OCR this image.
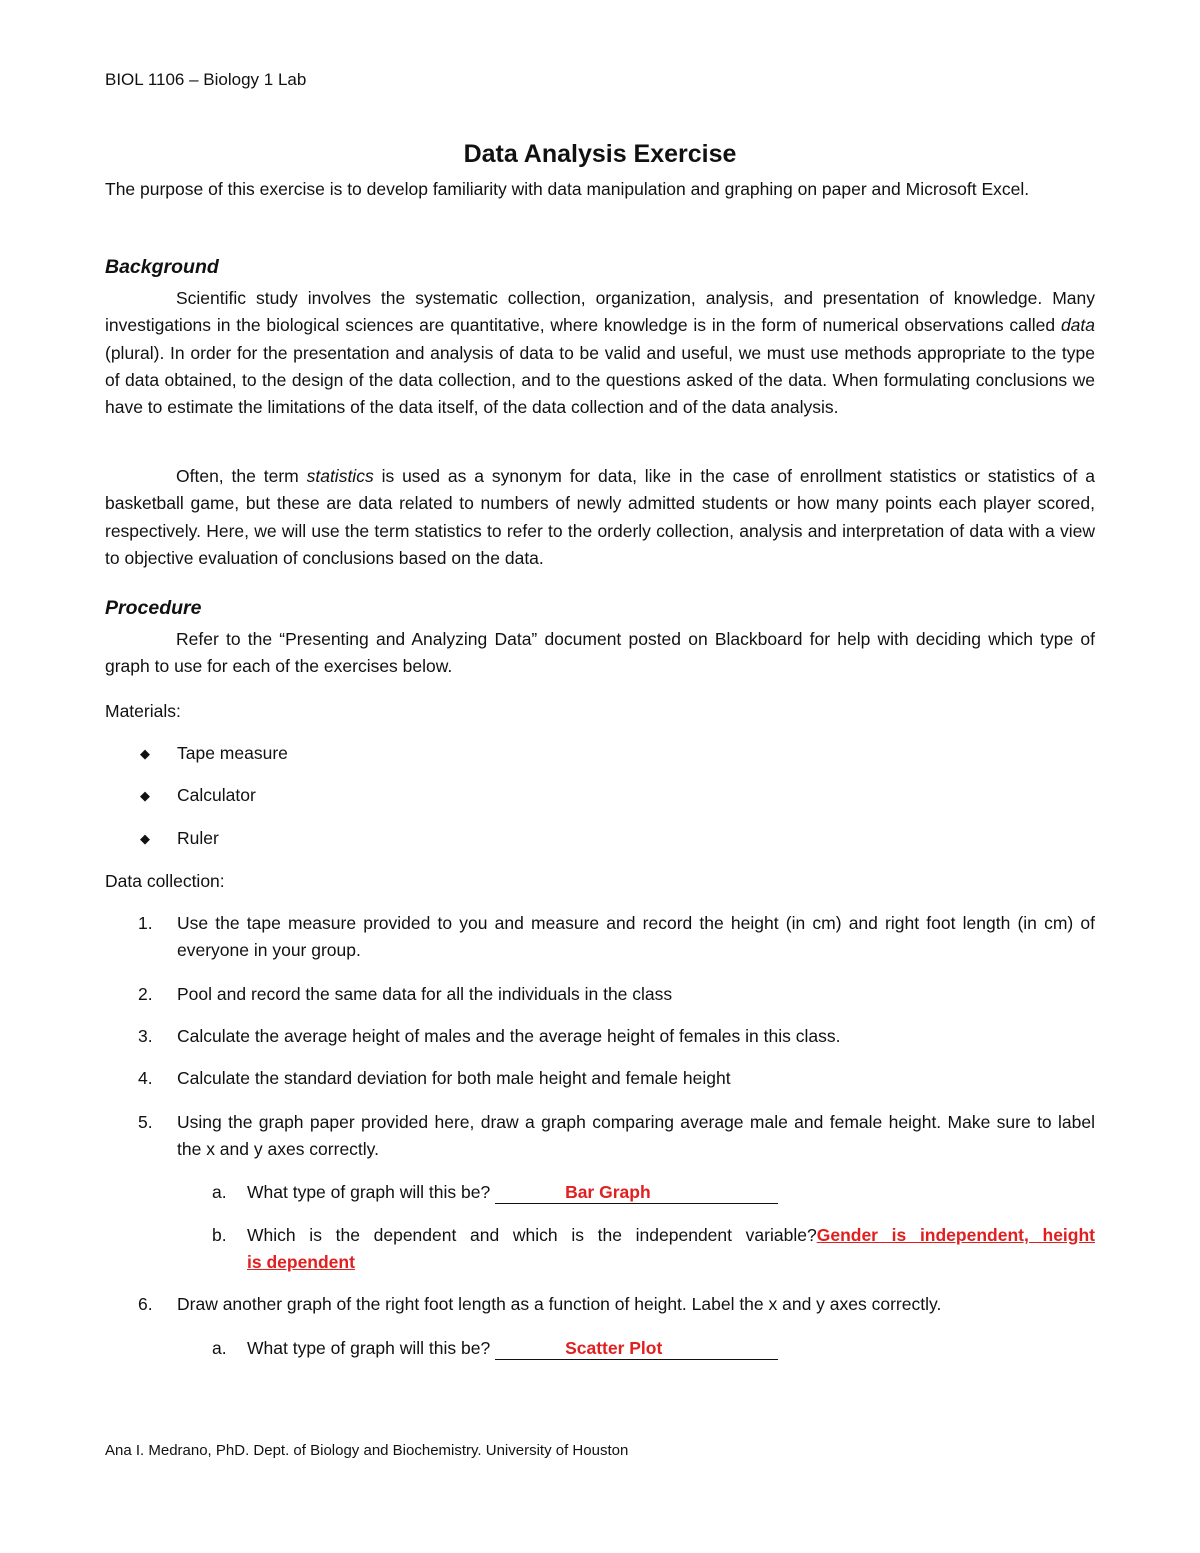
BIOL 1106 – Biology 1 Lab
Data Analysis Exercise
The purpose of this exercise is to develop familiarity with data manipulation and graphing on paper and Microsoft Excel.
Background
Scientific study involves the systematic collection, organization, analysis, and presentation of knowledge. Many investigations in the biological sciences are quantitative, where knowledge is in the form of numerical observations called data (plural). In order for the presentation and analysis of data to be valid and useful, we must use methods appropriate to the type of data obtained, to the design of the data collection, and to the questions asked of the data. When formulating conclusions we have to estimate the limitations of the data itself, of the data collection and of the data analysis.
Often, the term statistics is used as a synonym for data, like in the case of enrollment statistics or statistics of a basketball game, but these are data related to numbers of newly admitted students or how many points each player scored, respectively. Here, we will use the term statistics to refer to the orderly collection, analysis and interpretation of data with a view to objective evaluation of conclusions based on the data.
Procedure
Refer to the “Presenting and Analyzing Data” document posted on Blackboard for help with deciding which type of graph to use for each of the exercises below.
Materials:
◆ Tape measure
◆ Calculator
◆ Ruler
Data collection:
1. Use the tape measure provided to you and measure and record the height (in cm) and right foot length (in cm) of everyone in your group.
2. Pool and record the same data for all the individuals in the class
3. Calculate the average height of males and the average height of females in this class.
4. Calculate the standard deviation for both male height and female height
5. Using the graph paper provided here, draw a graph comparing average male and female height. Make sure to label the x and y axes correctly.
a. What type of graph will this be?	Bar Graph
b. Which is the dependent and which is the independent variable?Gender is independent, height
is dependent
6. Draw another graph of the right foot length as a function of height. Label the x and y axes correctly.
a. What type of graph will this be?	Scatter Plot
Ana I. Medrano, PhD. Dept. of Biology and Biochemistry. University of Houston
